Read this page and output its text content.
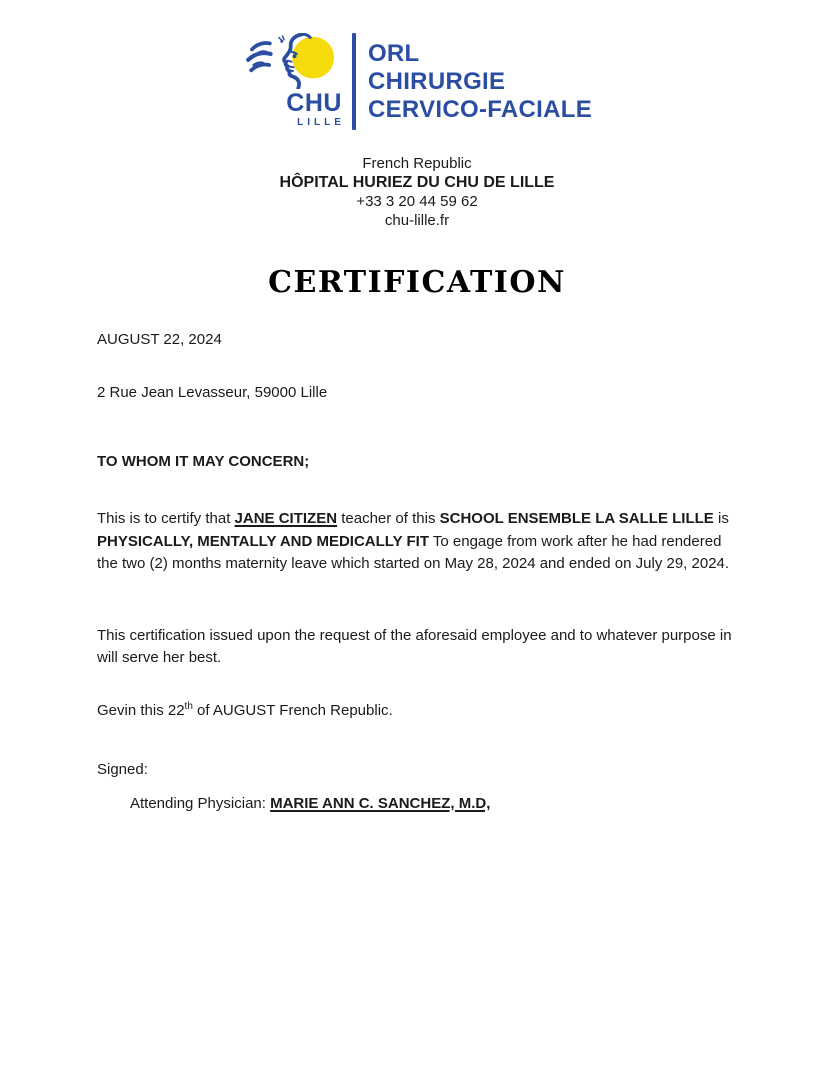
CHU
LILLE
ORL
CHIRURGIE
CERVICO-FACIALE
French Republic
HÔPITAL HURIEZ DU CHU DE LILLE
+33 3 20 44 59 62
chu-lille.fr
CERTIFICATION

AUGUST 22, 2024

2 Rue Jean Levasseur, 59000 Lille

TO WHOM IT MAY CONCERN;

This is to certify that JANE CITIZEN teacher of this SCHOOL ENSEMBLE LA SALLE LILLE is PHYSICALLY, MENTALLY AND MEDICALLY FIT To engage from work after he had rendered the two (2) months maternity leave which started on May 28, 2024 and ended on July 29, 2024.

This certification issued upon the request of the aforesaid employee and to whatever purpose in will serve her best.

Gevin this 22th of AUGUST French Republic.

Signed:

Attending Physician: MARIE ANN C. SANCHEZ, M.D,
